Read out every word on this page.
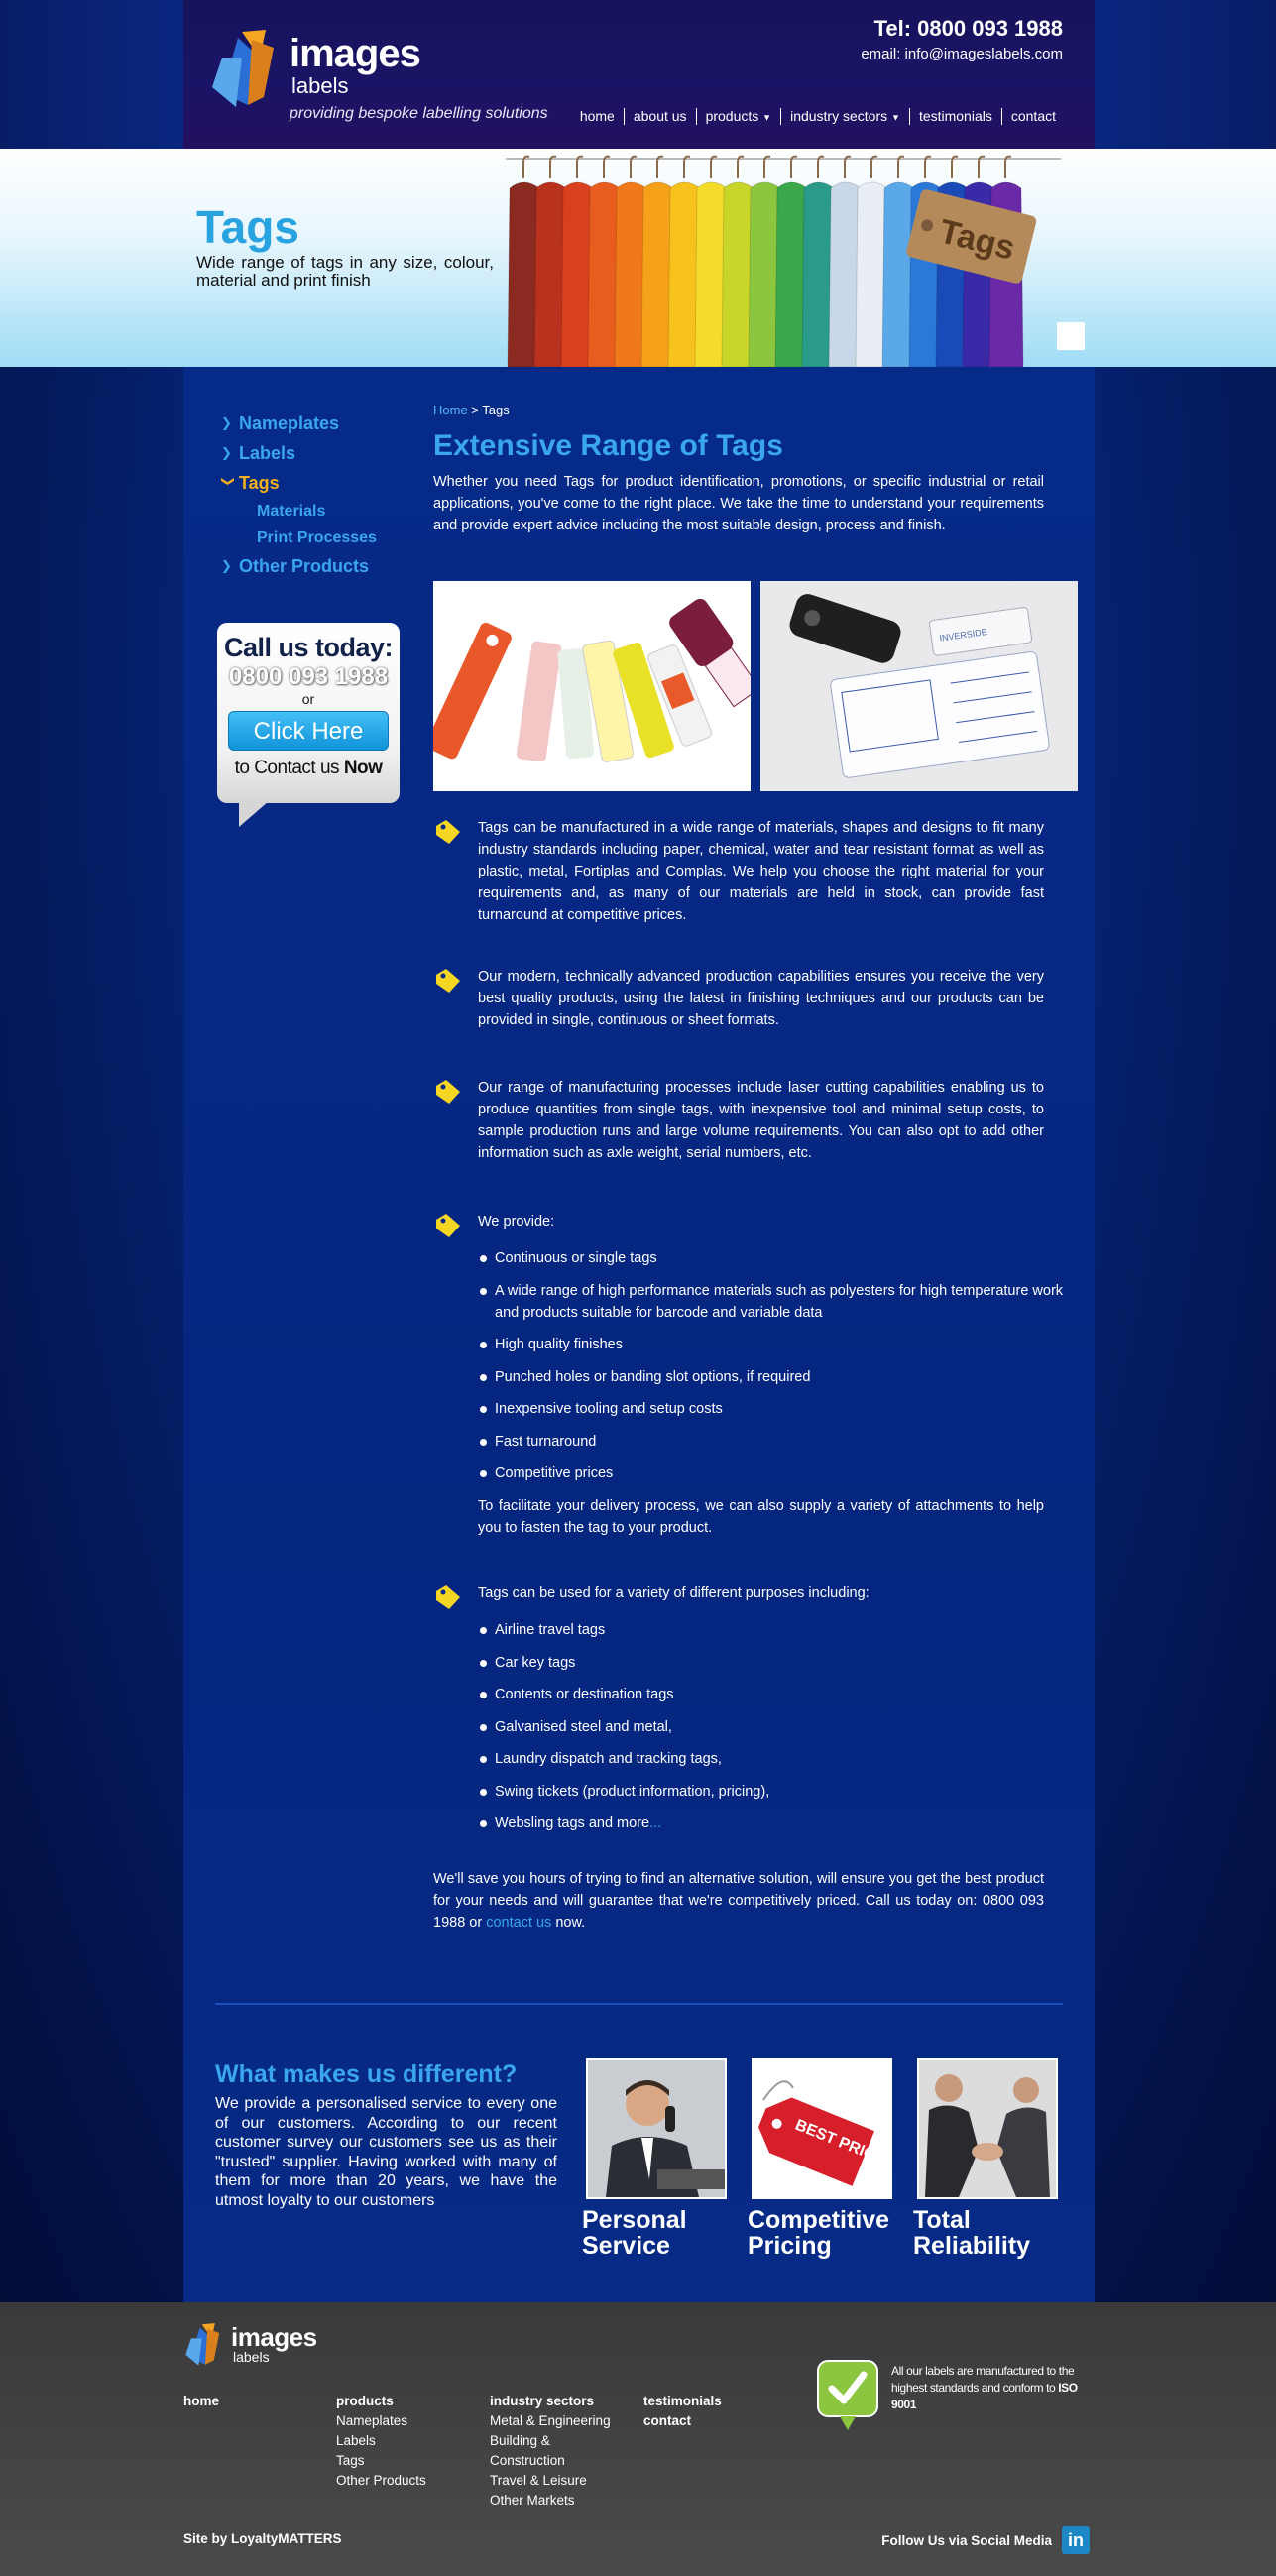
images
labels
providing bespoke labelling solutions
Tel: 0800 093 1988
email: info@imageslabels.com
home	about us	products ▼	industry sectors ▼	testimonials	contact
Tags
Wide range of tags in any size, colour, material and print finish
Tags
❯ Nameplates
❯ Labels
❯ Tags
Materials
Print Processes
❯ Other Products
Call us today:
0800 093 1988
or
Click Here
to Contact us Now
Home > Tags
Extensive Range of Tags
Whether you need Tags for product identification, promotions, or specific industrial or retail applications, you've come to the right place. We take the time to understand your requirements and provide expert advice including the most suitable design, process and finish.
INVERSIDE
Tags can be manufactured in a wide range of materials, shapes and designs to fit many industry standards including paper, chemical, water and tear resistant format as well as plastic, metal, Fortiplas and Complas. We help you choose the right material for your requirements and, as many of our materials are held in stock, can provide fast turnaround at competitive prices.
Our modern, technically advanced production capabilities ensures you receive the very best quality products, using the latest in finishing techniques and our products can be provided in single, continuous or sheet formats.
Our range of manufacturing processes include laser cutting capabilities enabling us to produce quantities from single tags, with inexpensive tool and minimal setup costs, to sample production runs and large volume requirements. You can also opt to add other information such as axle weight, serial numbers, etc.
We provide:
Continuous or single tags
A wide range of high performance materials such as polyesters for high temperature work and products suitable for barcode and variable data
High quality finishes
Punched holes or banding slot options, if required
Inexpensive tooling and setup costs
Fast turnaround
Competitive prices
To facilitate your delivery process, we can also supply a variety of attachments to help you to fasten the tag to your product.
Tags can be used for a variety of different purposes including:
Airline travel tags
Car key tags
Contents or destination tags
Galvanised steel and metal,
Laundry dispatch and tracking tags,
Swing tickets (product information, pricing),
Websling tags and more...
We'll save you hours of trying to find an alternative solution, will ensure you get the best product for your needs and will guarantee that we're competitively priced. Call us today on: 0800 093 1988 or contact us now.
What makes us different?
We provide a personalised service to every one of our customers. According to our recent customer survey our customers see us as their "trusted" supplier. Having worked with many of them for more than 20 years, we have the utmost loyalty to our customers
Personal Service
BEST PRICE
Competitive Pricing
Total Reliability
images
labels
home	products
Nameplates
Labels
Tags
Other Products
industry sectors
Metal & Engineering
Building &
Construction
Travel & Leisure
Other Markets
testimonials
contact
All our labels are manufactured to the highest standards and conform to ISO 9001
Site by LoyaltyMATTERS	Follow Us via Social Media in
